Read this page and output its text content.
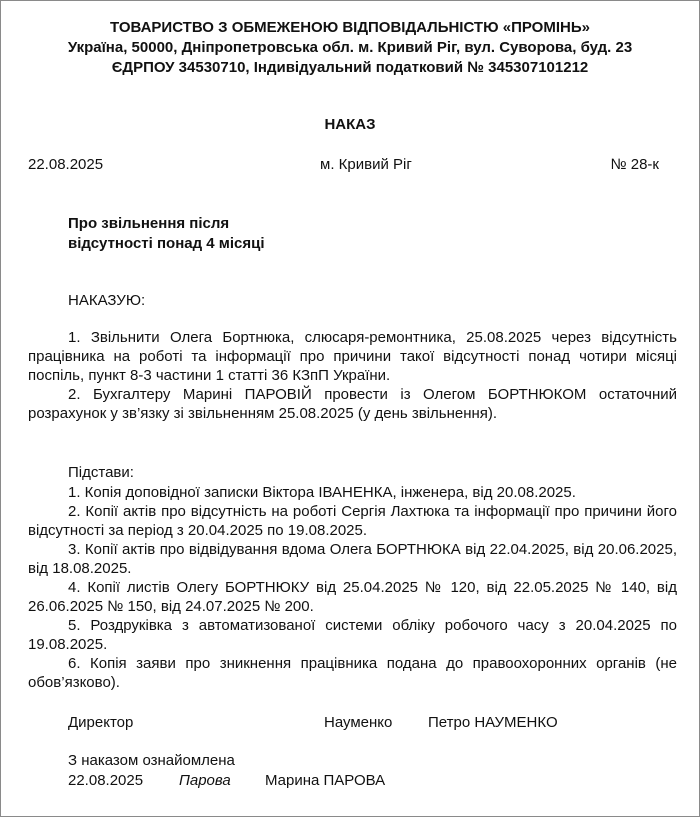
ТОВАРИСТВО З ОБМЕЖЕНОЮ ВІДПОВІДАЛЬНІСТЮ «ПРОМІНЬ»
Україна, 50000, Дніпропетровська обл. м. Кривий Ріг, вул. Суворова, буд. 23
ЄДРПОУ 34530710, Індивідуальний податковий № 345307101212
НАКАЗ
22.08.2025	м. Кривий Ріг	№ 28-к
Про звільнення після
відсутності понад 4 місяці
НАКАЗУЮ:

1. Звільнити Олега Бортнюка, слюсаря-ремонтника, 25.08.2025 через відсутність працівника на роботі та інформації про причини такої відсутності понад чотири місяці поспіль, пункт 8-3 частини 1 статті 36 КЗпП України.

2. Бухгалтеру Марині ПАРОВІЙ провести із Олегом БОРТНЮКОМ остаточний розрахунок у зв’язку зі звільненням 25.08.2025 (у день звільнення).

Підстави:

1. Копія доповідної записки Віктора ІВАНЕНКА, інженера, від 20.08.2025.

2. Копії актів про відсутність на роботі Сергія Лахтюка та інформації про причини його відсутності за період з 20.04.2025 по 19.08.2025.

3. Копії актів про відвідування вдома Олега БОРТНЮКА від 22.04.2025, від 20.06.2025, від 18.08.2025.

4. Копії листів Олегу БОРТНЮКУ від 25.04.2025 № 120, від 22.05.2025 № 140, від 26.06.2025 № 150, від 24.07.2025 № 200.

5. Роздруківка з автоматизованої системи обліку робочого часу з 20.04.2025 по 19.08.2025.

6. Копія заяви про зникнення працівника подана до правоохоронних органів (не обов’язково).

Директор	Науменко Петро НАУМЕНКО
З наказом ознайомлена
22.08.2025 Парова Марина ПАРОВА
